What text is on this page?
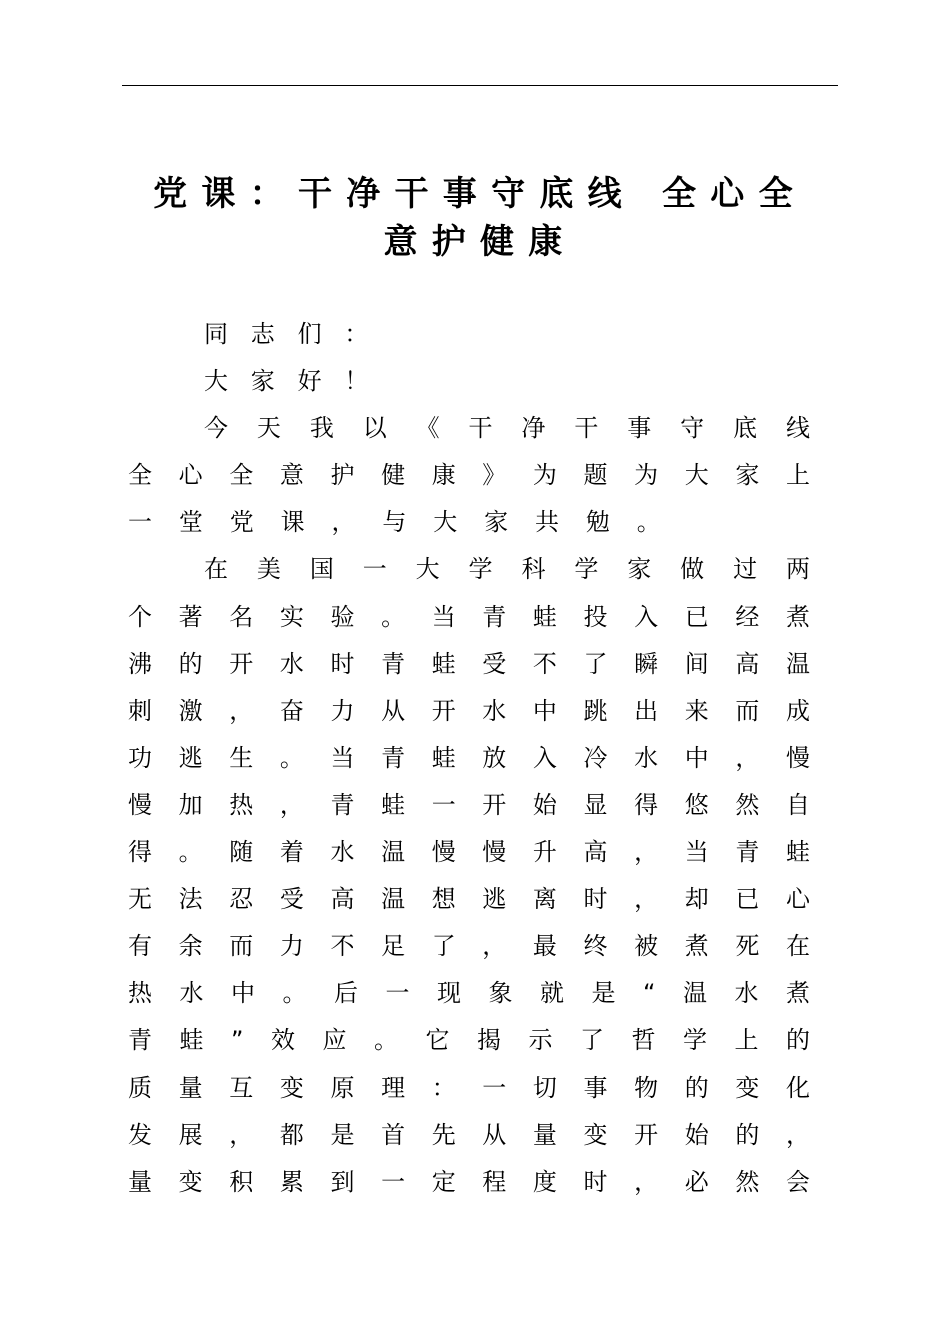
党课：干净干事守底线 全心全
意护健康
同志们：
大家好！
今天我以《干净干事守底线
全心全意护健康》为题为大家上
一堂党课，与大家共勉。
在美国一大学科学家做过两
个著名实验。当青蛙投入已经煮
沸的开水时青蛙受不了瞬间高温
刺激，奋力从开水中跳出来而成
功逃生。当青蛙放入冷水中，慢
慢加热，青蛙一开始显得悠然自
得。随着水温慢慢升高，当青蛙
无法忍受高温想逃离时，却已心
有余而力不足了，最终被煮死在
热水中。后一现象就是“温水煮
青蛙”效应。它揭示了哲学上的
质量互变原理：一切事物的变化
发展，都是首先从量变开始的，
量变积累到一定程度时，必然会
